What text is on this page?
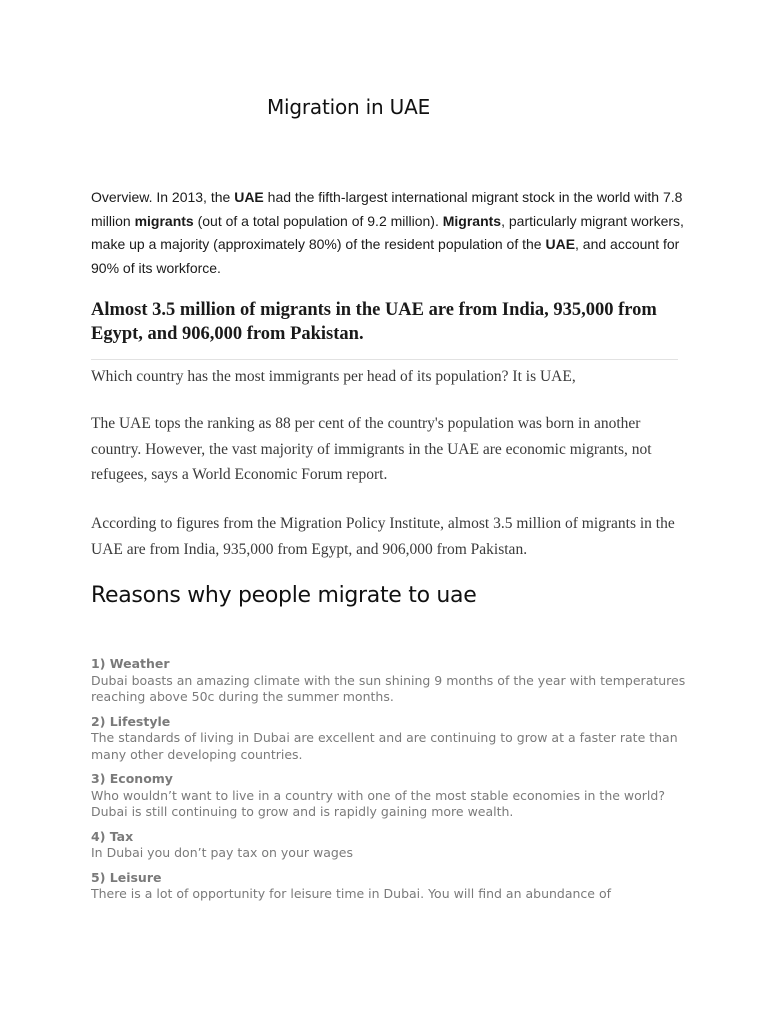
Migration in UAE

Overview. In 2013, the UAE had the fifth-largest international migrant stock in the world with 7.8 million migrants (out of a total population of 9.2 million). Migrants, particularly migrant workers, make up a majority (approximately 80%) of the resident population of the UAE, and account for 90% of its workforce.

Almost 3.5 million of migrants in the UAE are from India, 935,000 from Egypt, and 906,000 from Pakistan.

Which country has the most immigrants per head of its population? It is UAE,

The UAE tops the ranking as 88 per cent of the country's population was born in another country. However, the vast majority of immigrants in the UAE are economic migrants, not refugees, says a World Economic Forum report.

According to figures from the Migration Policy Institute, almost 3.5 million of migrants in the UAE are from India, 935,000 from Egypt, and 906,000 from Pakistan.

Reasons why people migrate to uae
1) Weather
Dubai boasts an amazing climate with the sun shining 9 months of the year with temperatures reaching above 50c during the summer months.
2) Lifestyle
The standards of living in Dubai are excellent and are continuing to grow at a faster rate than many other developing countries.
3) Economy
Who wouldn’t want to live in a country with one of the most stable economies in the world? Dubai is still continuing to grow and is rapidly gaining more wealth.
4) Tax
In Dubai you don’t pay tax on your wages
5) Leisure
There is a lot of opportunity for leisure time in Dubai. You will find an abundance of
